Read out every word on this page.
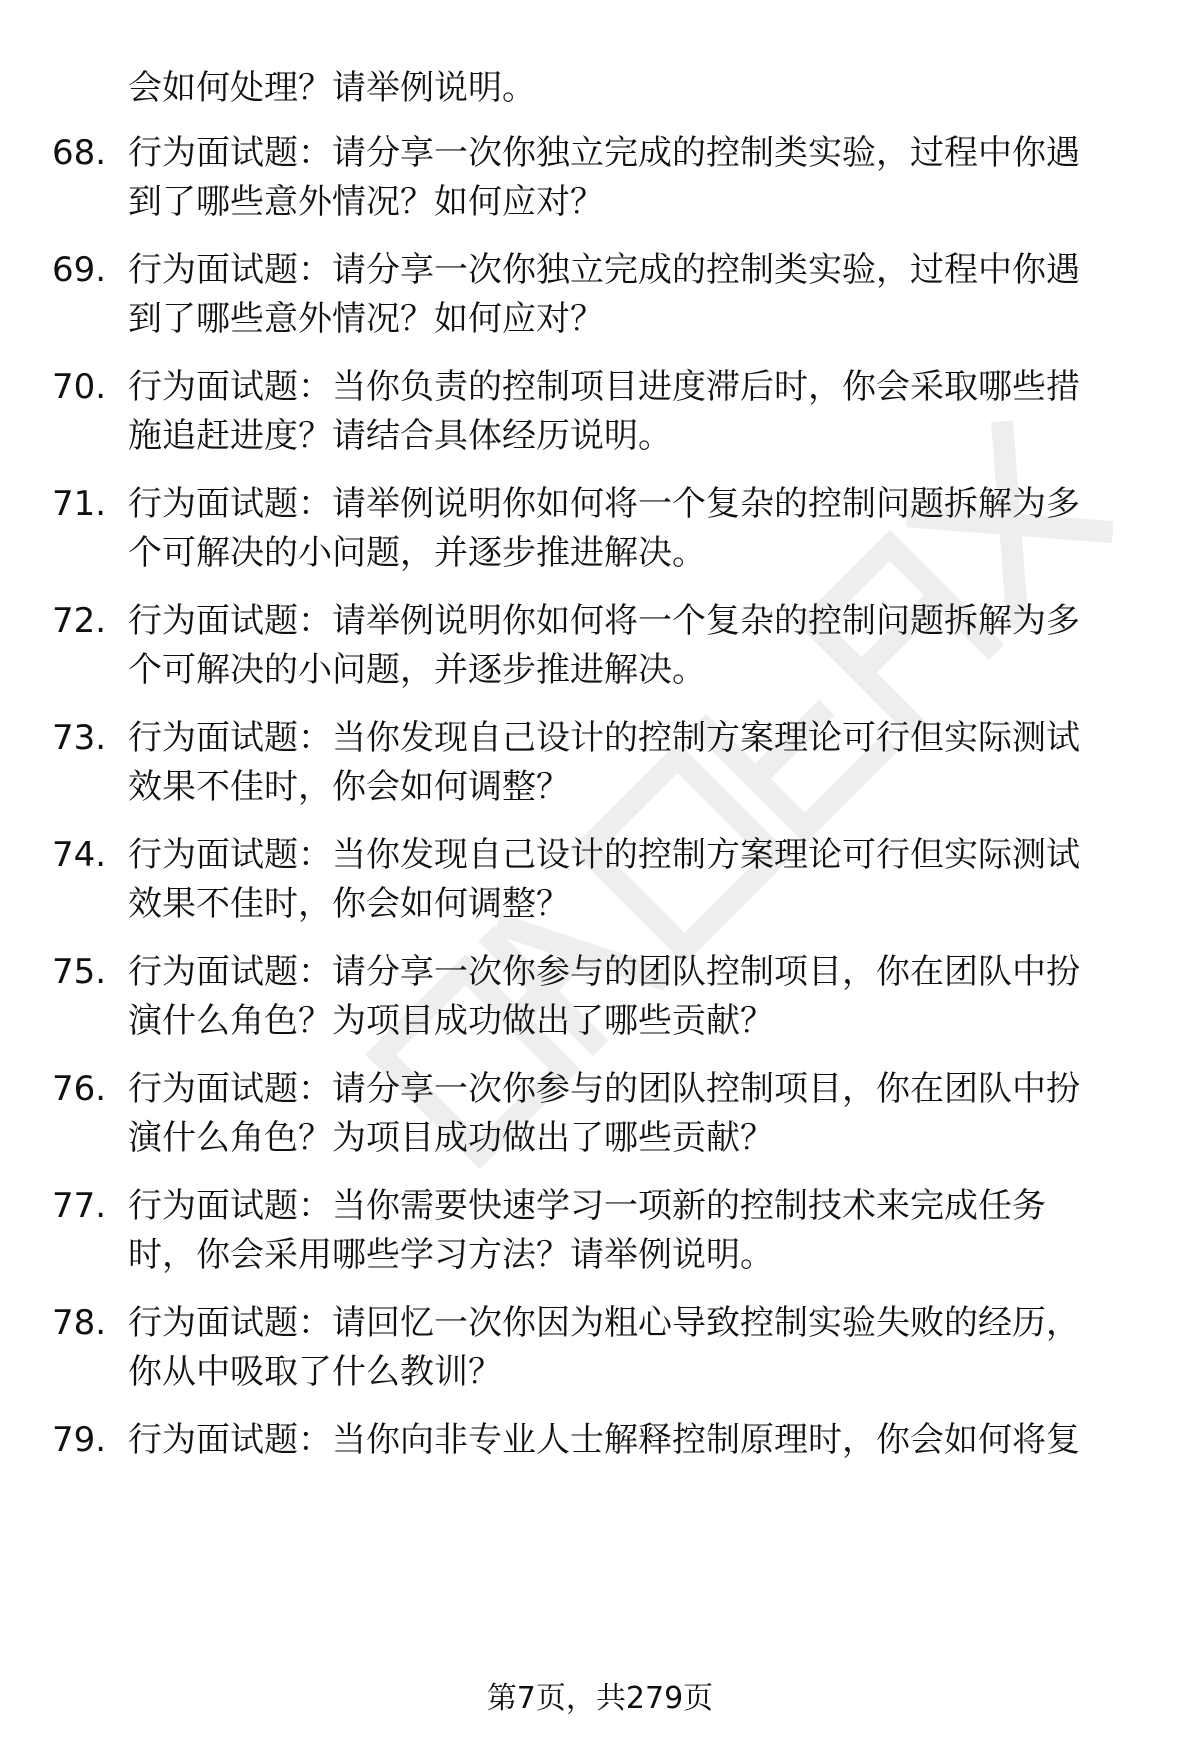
会如何处理？请举例说明。
68. 行为面试题：请分享一次你独立完成的控制类实验，过程中你遇
到了哪些意外情况？如何应对？
69. 行为面试题：请分享一次你独立完成的控制类实验，过程中你遇
到了哪些意外情况？如何应对？
70. 行为面试题：当你负责的控制项目进度滞后时，你会采取哪些措
施追赶进度？请结合具体经历说明。
71. 行为面试题：请举例说明你如何将一个复杂的控制问题拆解为多
个可解决的小问题，并逐步推进解决。
72. 行为面试题：请举例说明你如何将一个复杂的控制问题拆解为多
个可解决的小问题，并逐步推进解决。
73. 行为面试题：当你发现自己设计的控制方案理论可行但实际测试
效果不佳时，你会如何调整？
74. 行为面试题：当你发现自己设计的控制方案理论可行但实际测试
效果不佳时，你会如何调整？
75. 行为面试题：请分享一次你参与的团队控制项目，你在团队中扮
演什么角色？为项目成功做出了哪些贡献？
76. 行为面试题：请分享一次你参与的团队控制项目，你在团队中扮
演什么角色？为项目成功做出了哪些贡献？
77. 行为面试题：当你需要快速学习一项新的控制技术来完成任务
时，你会采用哪些学习方法？请举例说明。
78. 行为面试题：请回忆一次你因为粗心导致控制实验失败的经历，
你从中吸取了什么教训？
79. 行为面试题：当你向非专业人士解释控制原理时，你会如何将复
第7页，共279页
